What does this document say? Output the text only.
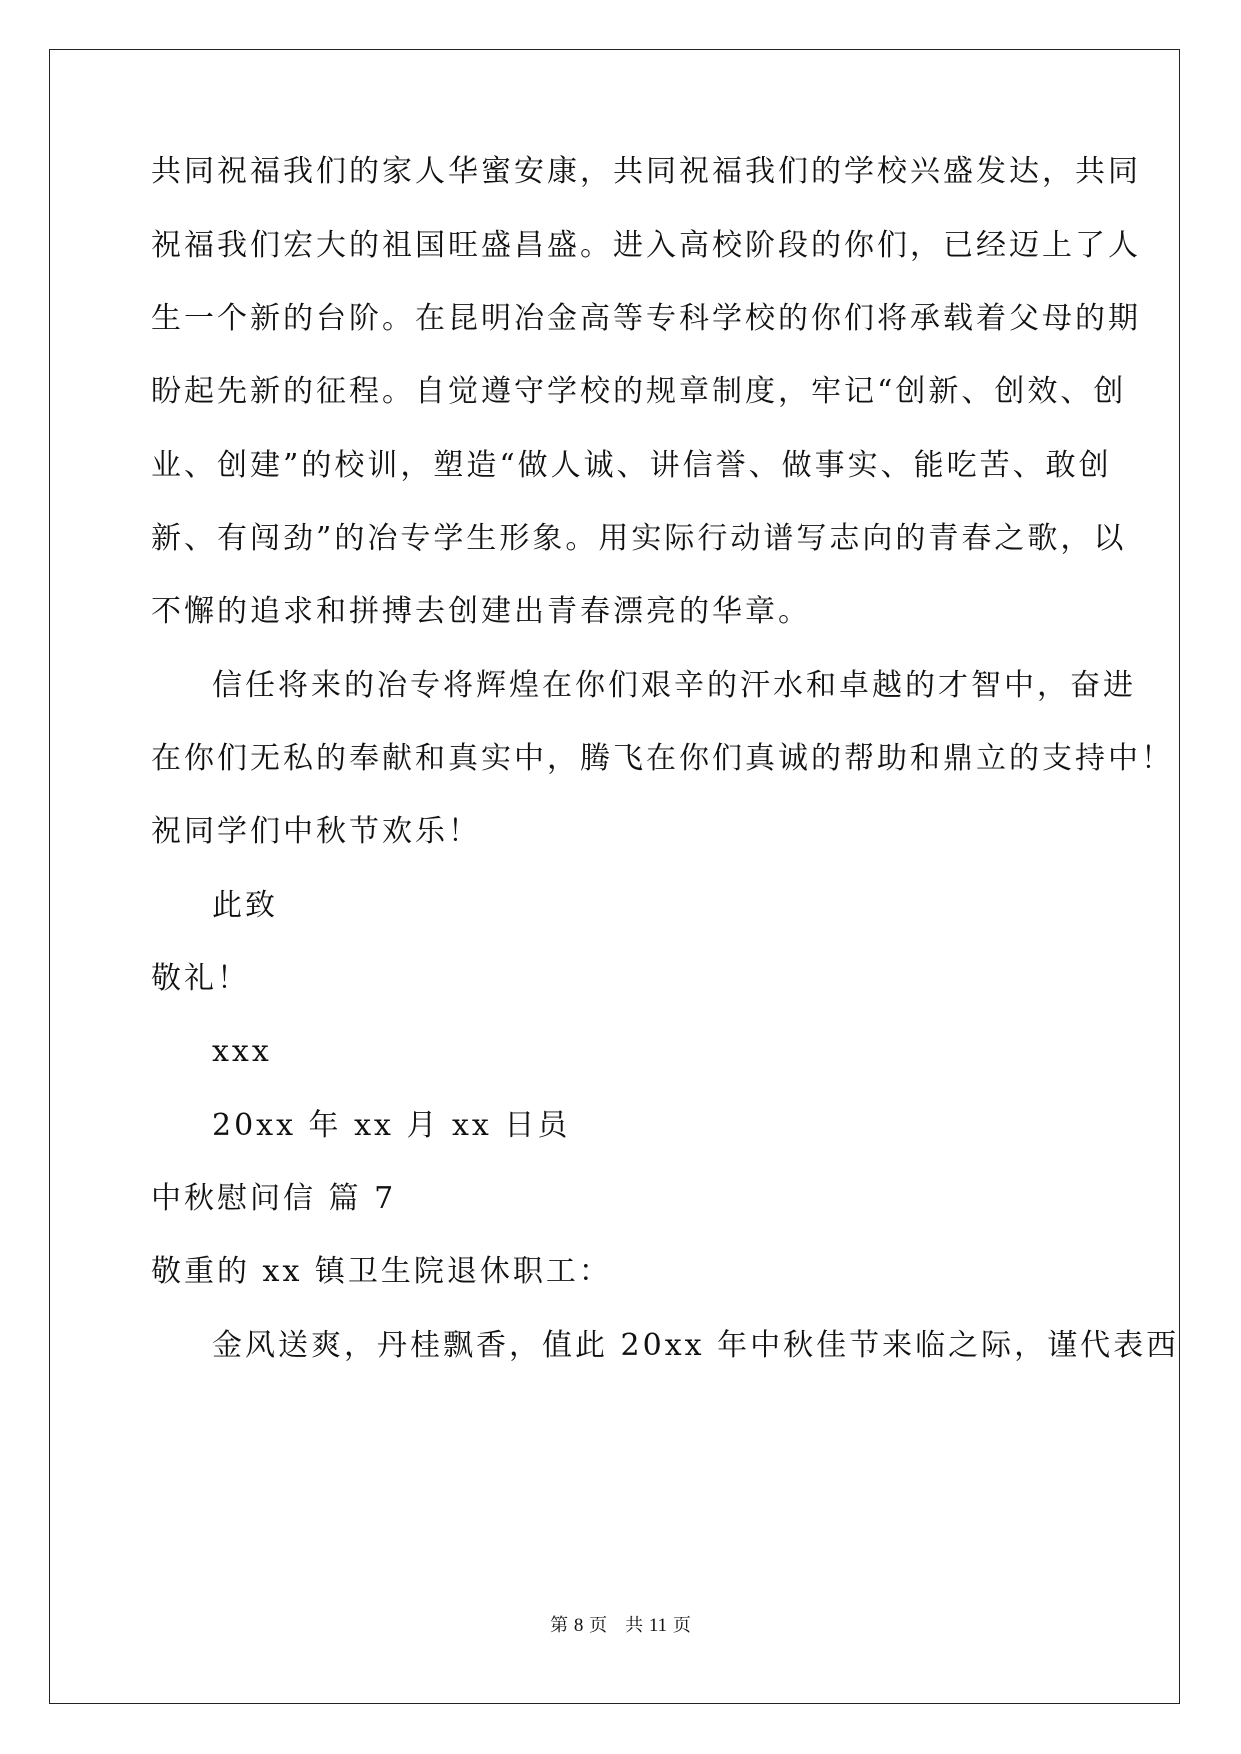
共同祝福我们的家人华蜜安康，共同祝福我们的学校兴盛发达，共同
祝福我们宏大的祖国旺盛昌盛。进入高校阶段的你们，已经迈上了人
生一个新的台阶。在昆明冶金高等专科学校的你们将承载着父母的期
盼起先新的征程。自觉遵守学校的规章制度，牢记“创新、创效、创
业、创建”的校训，塑造“做人诚、讲信誉、做事实、能吃苦、敢创
新、有闯劲”的冶专学生形象。用实际行动谱写志向的青春之歌，以
不懈的追求和拼搏去创建出青春漂亮的华章。
信任将来的冶专将辉煌在你们艰辛的汗水和卓越的才智中，奋进
在你们无私的奉献和真实中，腾飞在你们真诚的帮助和鼎立的支持中！
祝同学们中秋节欢乐！
此致
敬礼！
xxx
20xx 年 xx 月 xx 日员
中秋慰问信 篇 7
敬重的 xx 镇卫生院退休职工：
金风送爽，丹桂飘香，值此 20xx 年中秋佳节来临之际，谨代表西
第 8 页　共 11 页
